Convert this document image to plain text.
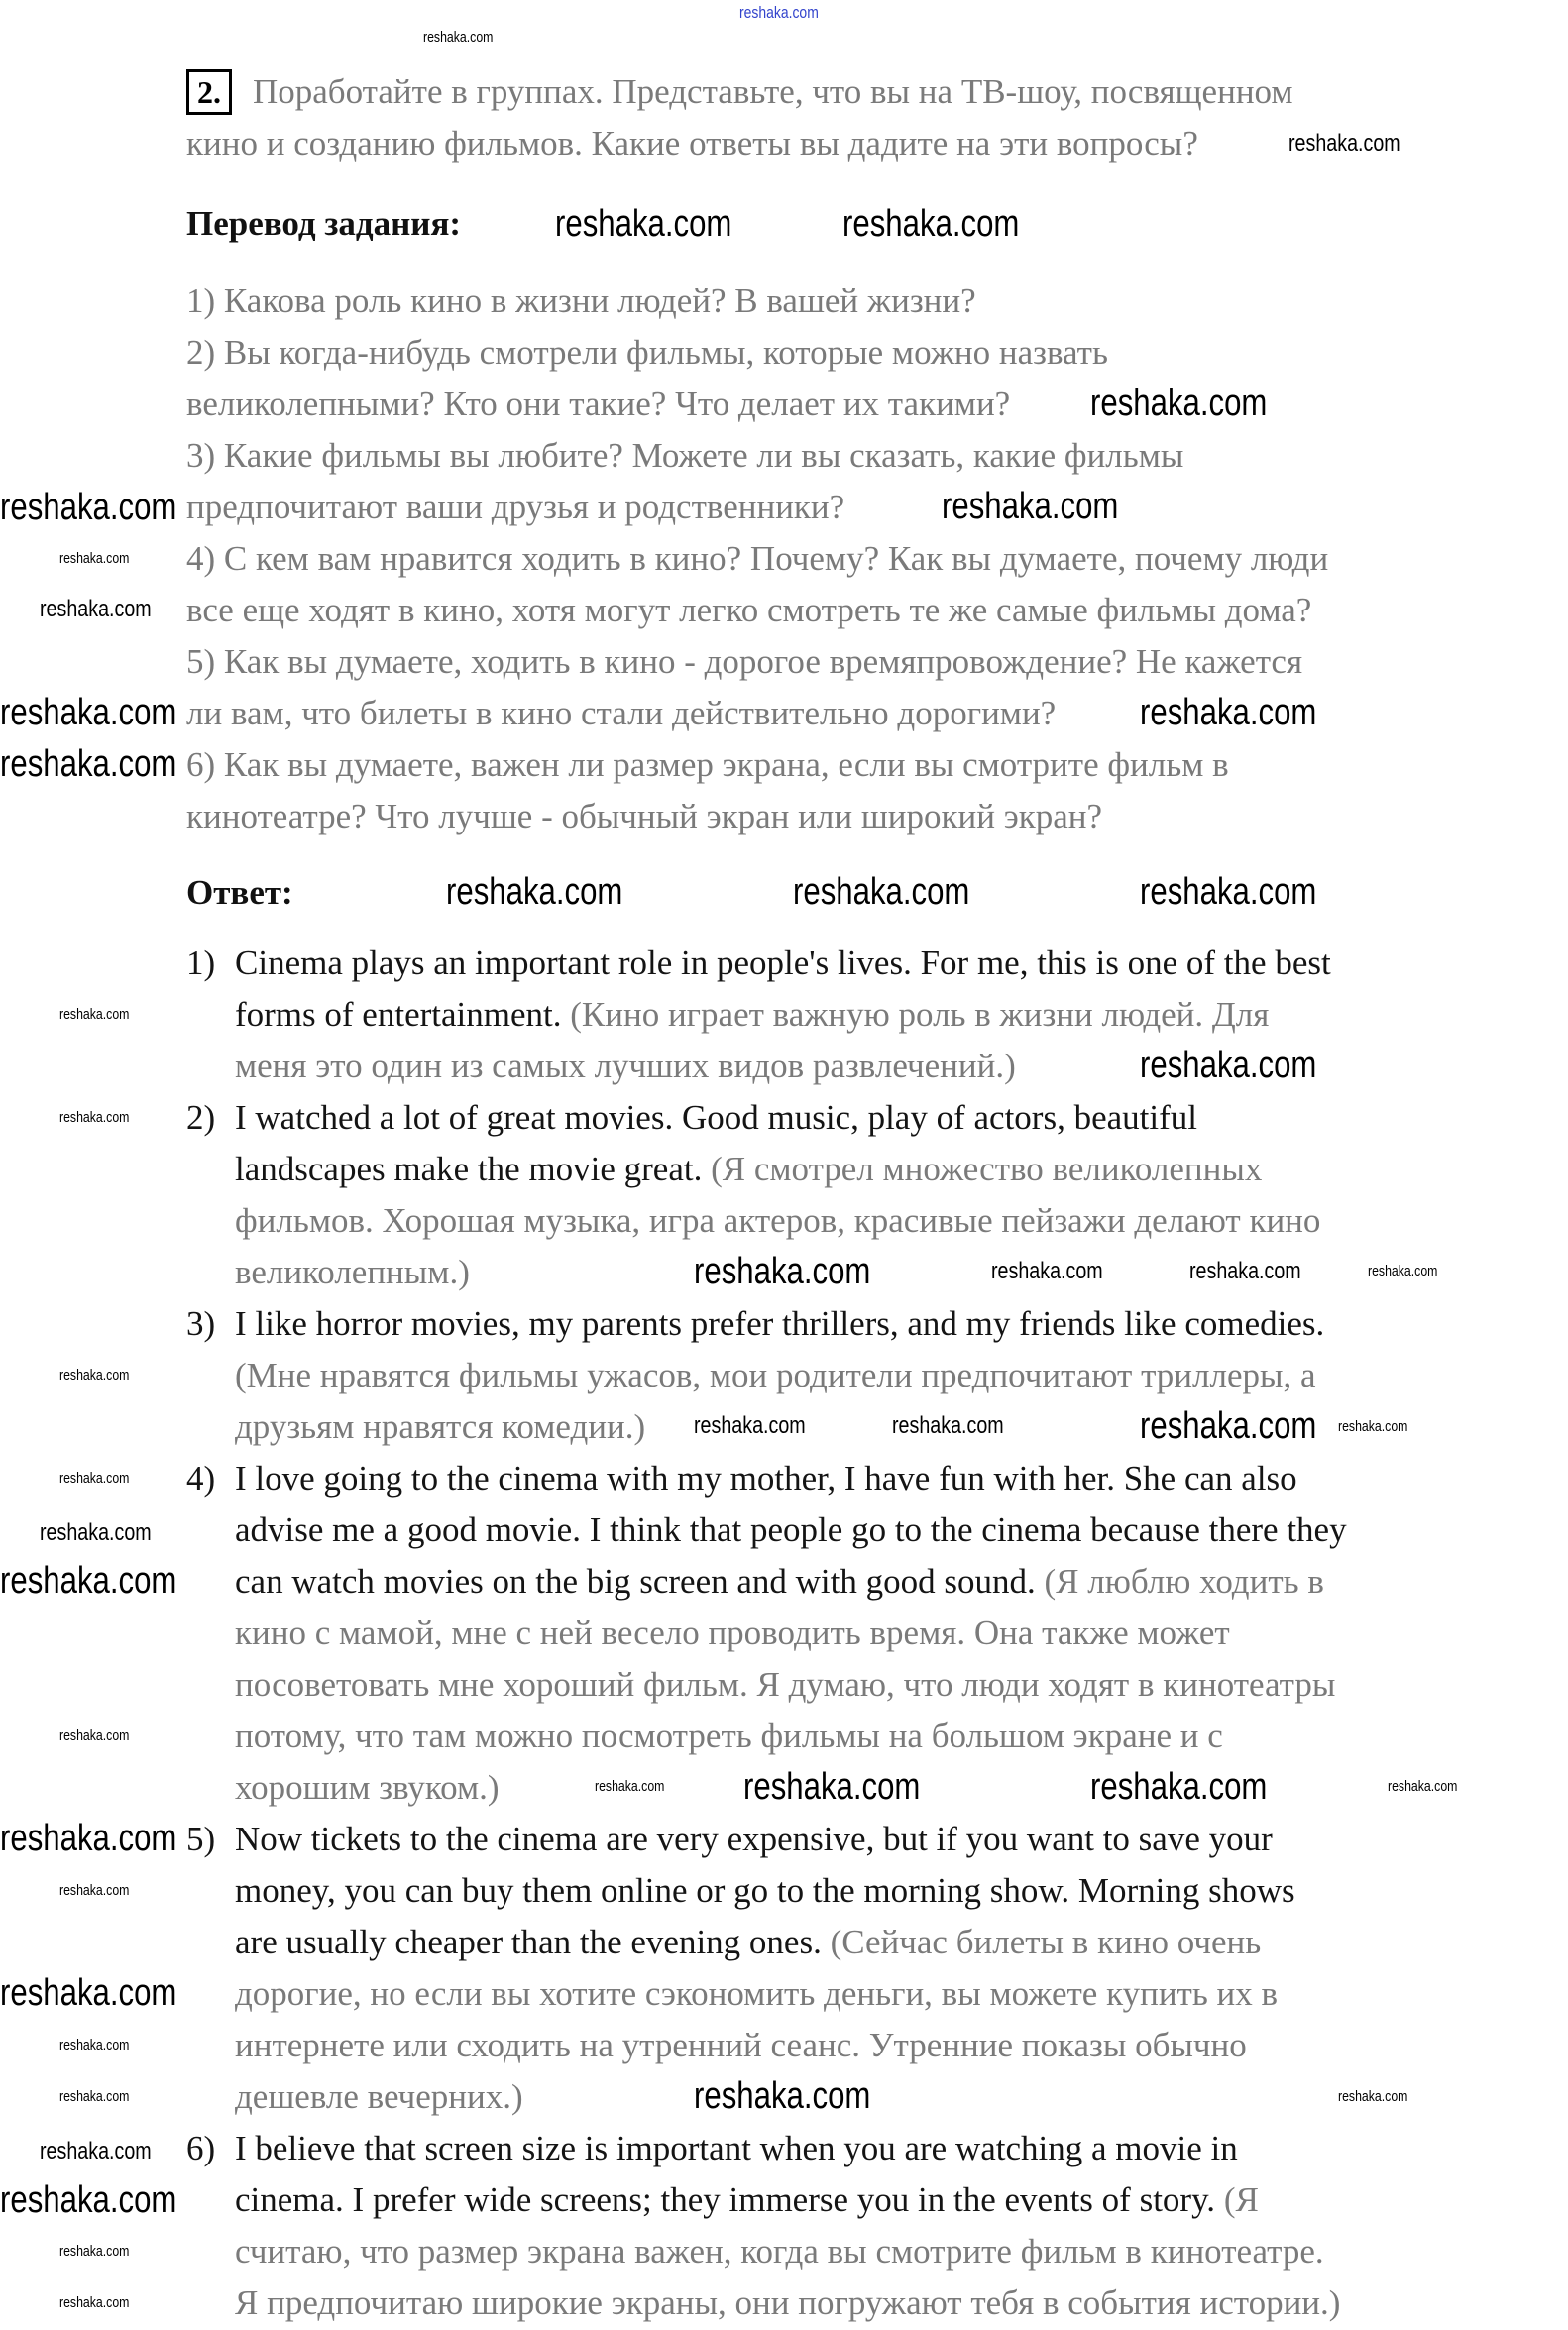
2. Поработайте в группах. Представьте, что вы на ТВ-шоу, посвященном
кино и созданию фильмов. Какие ответы вы дадите на эти вопросы?
Перевод задания:
1) Какова роль кино в жизни людей? В вашей жизни?
2) Вы когда-нибудь смотрели фильмы, которые можно назвать
великолепными? Кто они такие? Что делает их такими?
3) Какие фильмы вы любите? Можете ли вы сказать, какие фильмы
предпочитают ваши друзья и родственники?
4) С кем вам нравится ходить в кино? Почему? Как вы думаете, почему люди
все еще ходят в кино, хотя могут легко смотреть те же самые фильмы дома?
5) Как вы думаете, ходить в кино - дорогое времяпровождение? Не кажется
ли вам, что билеты в кино стали действительно дорогими?
6) Как вы думаете, важен ли размер экрана, если вы смотрите фильм в
кинотеатре? Что лучше - обычный экран или широкий экран?
Ответ:
1) Cinema plays an important role in people's lives. For me, this is one of the best
forms of entertainment. (Кино играет важную роль в жизни людей. Для
меня это один из самых лучших видов развлечений.)
2) I watched a lot of great movies. Good music, play of actors, beautiful
landscapes make the movie great. (Я смотрел множество великолепных
фильмов. Хорошая музыка, игра актеров, красивые пейзажи делают кино
великолепным.)
3) I like horror movies, my parents prefer thrillers, and my friends like comedies.
(Мне нравятся фильмы ужасов, мои родители предпочитают триллеры, а
друзьям нравятся комедии.)
4) I love going to the cinema with my mother, I have fun with her. She can also
advise me a good movie. I think that people go to the cinema because there they
can watch movies on the big screen and with good sound. (Я люблю ходить в
кино с мамой, мне с ней весело проводить время. Она также может
посоветовать мне хороший фильм. Я думаю, что люди ходят в кинотеатры
потому, что там можно посмотреть фильмы на большом экране и с
хорошим звуком.)
5) Now tickets to the cinema are very expensive, but if you want to save your
money, you can buy them online or go to the morning show. Morning shows
are usually cheaper than the evening ones. (Сейчас билеты в кино очень
дорогие, но если вы хотите сэкономить деньги, вы можете купить их в
интернете или сходить на утренний сеанс. Утренние показы обычно
дешевле вечерних.)
6) I believe that screen size is important when you are watching a movie in
cinema. I prefer wide screens; they immerse you in the events of story. (Я
считаю, что размер экрана важен, когда вы смотрите фильм в кинотеатре.
Я предпочитаю широкие экраны, они погружают тебя в события истории.)
reshaka.com
reshaka.com	reshaka.com
reshaka.com
reshaka.com	reshaka.com
reshaka.com	reshaka.com
reshaka.com
reshaka.com	reshaka.com	reshaka.com
reshaka.com
reshaka.com
reshaka.com
reshaka.com
reshaka.com	reshaka.com
reshaka.com
reshaka.com
reshaka.com
reshaka.com
reshaka.com
reshaka.com
reshaka.com	reshaka.com
reshaka.com	reshaka.com
reshaka.com
reshaka.com
reshaka.com
reshaka.com
reshaka.com
reshaka.com
reshaka.com
reshaka.com
reshaka.com
reshaka.com
reshaka.com
reshaka.com
reshaka.com
reshaka.com
reshaka.com
reshaka.com
reshaka.com
reshaka.com
reshaka.com
